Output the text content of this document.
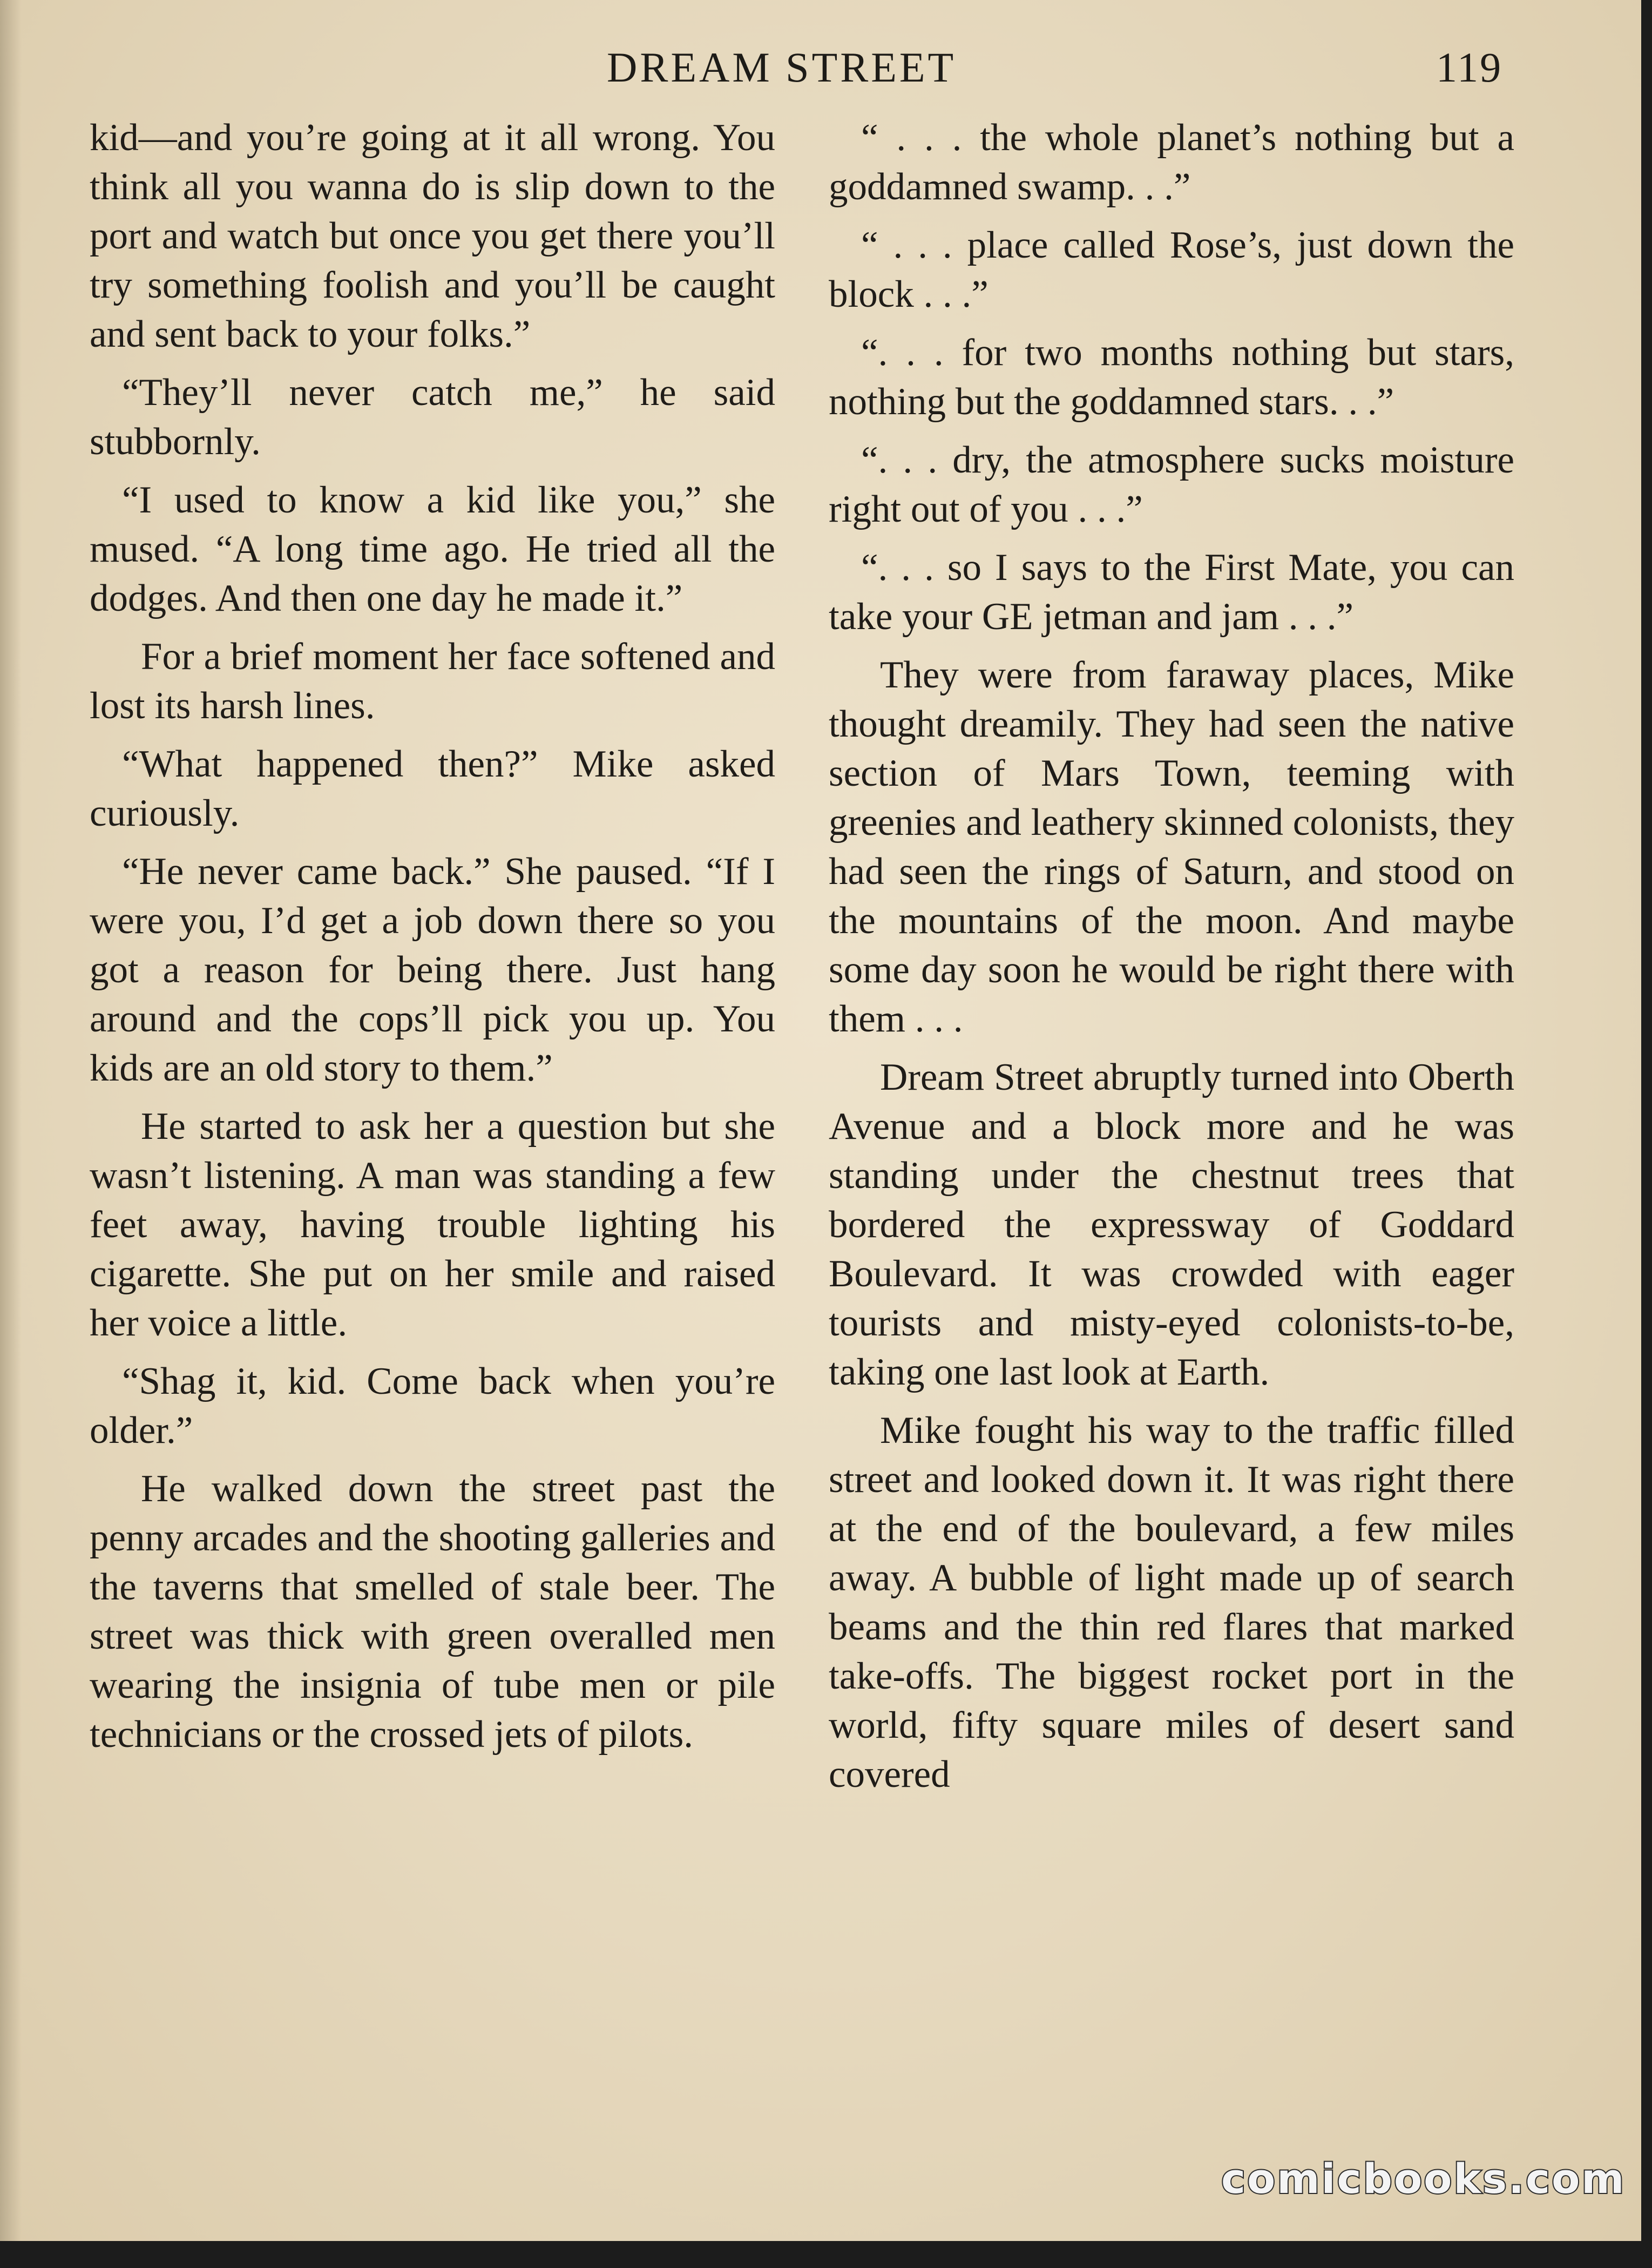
DREAM STREET	119

kid—and you’re going at it all wrong. You think all you wanna do is slip down to the port and watch but once you get there you’ll try something foolish and you’ll be caught and sent back to your folks.”

“They’ll never catch me,” he said stubbornly.

“I used to know a kid like you,” she mused. “A long time ago. He tried all the dodges. And then one day he made it.”

For a brief moment her face softened and lost its harsh lines.

“What happened then?” Mike asked curiously.

“He never came back.” She paused. “If I were you, I’d get a job down there so you got a reason for being there. Just hang around and the cops’ll pick you up. You kids are an old story to them.”

He started to ask her a question but she wasn’t listening. A man was standing a few feet away, having trouble lighting his cigarette. She put on her smile and raised her voice a little.

“Shag it, kid. Come back when you’re older.”

He walked down the street past the penny arcades and the shooting galleries and the taverns that smelled of stale beer. The street was thick with green overalled men wearing the insignia of tube men or pile technicians or the crossed jets of pilots.

“ . . . the whole planet’s nothing but a goddamned swamp. . .”

“ . . . place called Rose’s, just down the block . . .”

“. . . for two months nothing but stars, nothing but the goddamned stars. . .”

“. . . dry, the atmosphere sucks moisture right out of you . . .”

“. . . so I says to the First Mate, you can take your GE jetman and jam . . .”

They were from faraway places, Mike thought dreamily. They had seen the native section of Mars Town, teeming with greenies and leathery skinned colonists, they had seen the rings of Saturn, and stood on the mountains of the moon. And maybe some day soon he would be right there with them . . .

Dream Street abruptly turned into Oberth Avenue and a block more and he was standing under the chestnut trees that bordered the expressway of Goddard Boulevard. It was crowded with eager tourists and misty-eyed colonists-to-be, taking one last look at Earth.

Mike fought his way to the traffic filled street and looked down it. It was right there at the end of the boulevard, a few miles away. A bubble of light made up of search beams and the thin red flares that marked take-offs. The biggest rocket port in the world, fifty square miles of desert sand covered

comicbooks.com
